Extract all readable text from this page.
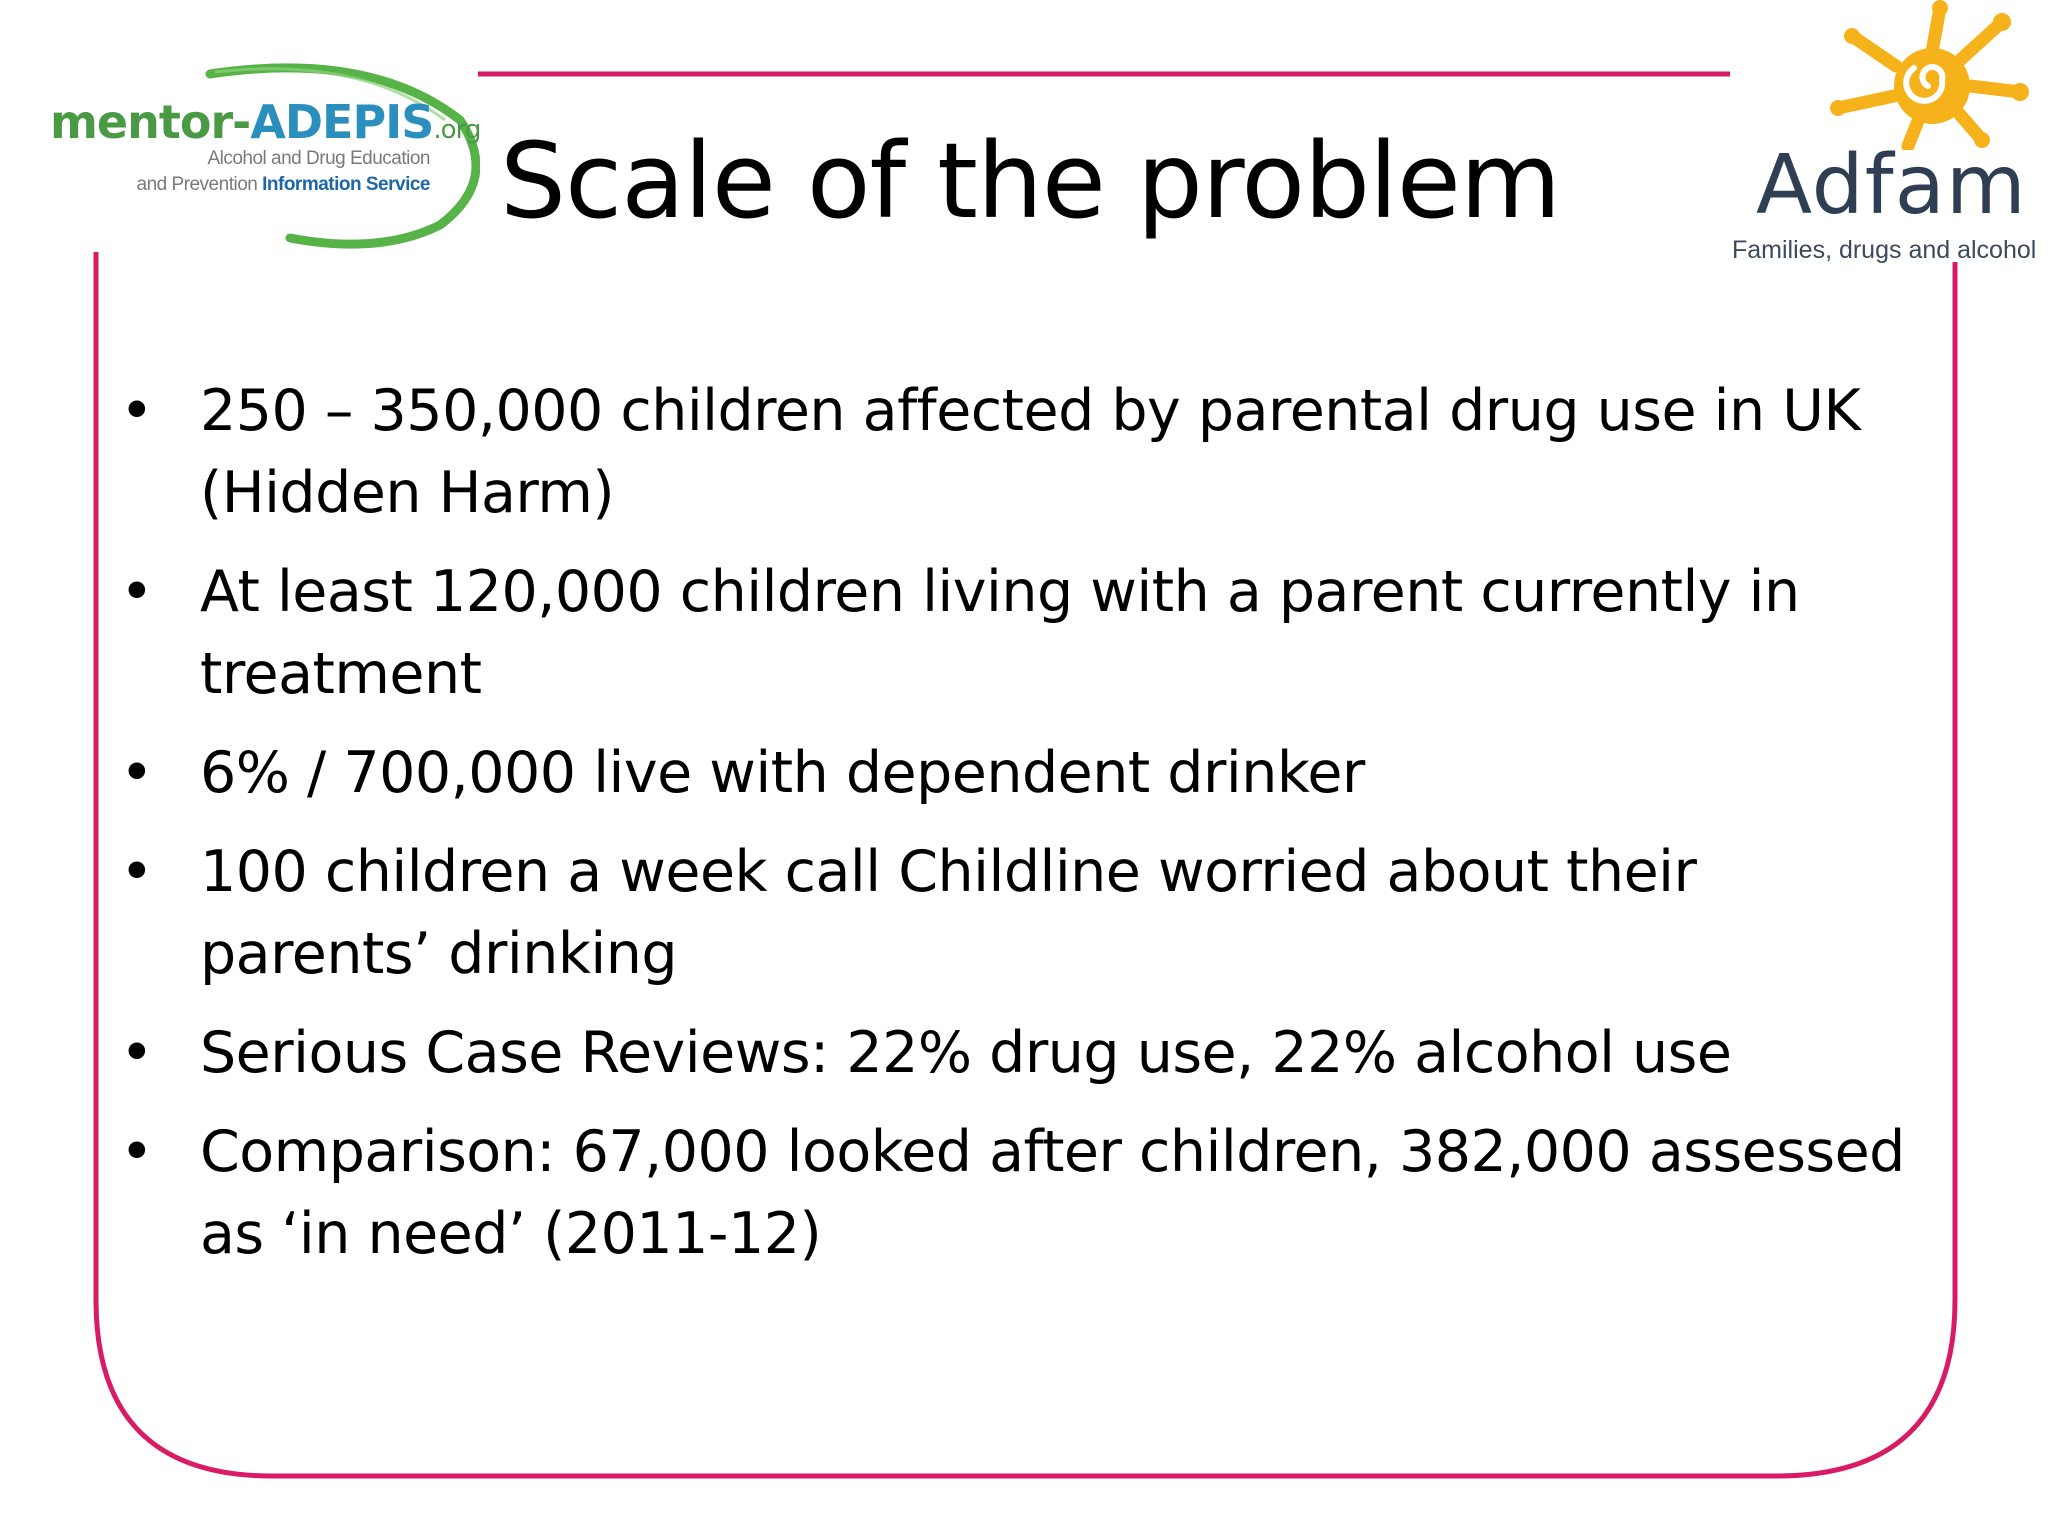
mentor-ADEPIS.org
Alcohol and Drug Education
and Prevention Information Service	Adfam
Families, drugs and alcohol
Scale of the problem
• 250 – 350,000 children affected by parental drug use in UK (Hidden Harm)
• At least 120,000 children living with a parent currently in treatment
• 6% / 700,000 live with dependent drinker
• 100 children a week call Childline worried about their parents’ drinking
• Serious Case Reviews: 22% drug use, 22% alcohol use
• Comparison: 67,000 looked after children, 382,000 assessed as ‘in need’ (2011-12)
